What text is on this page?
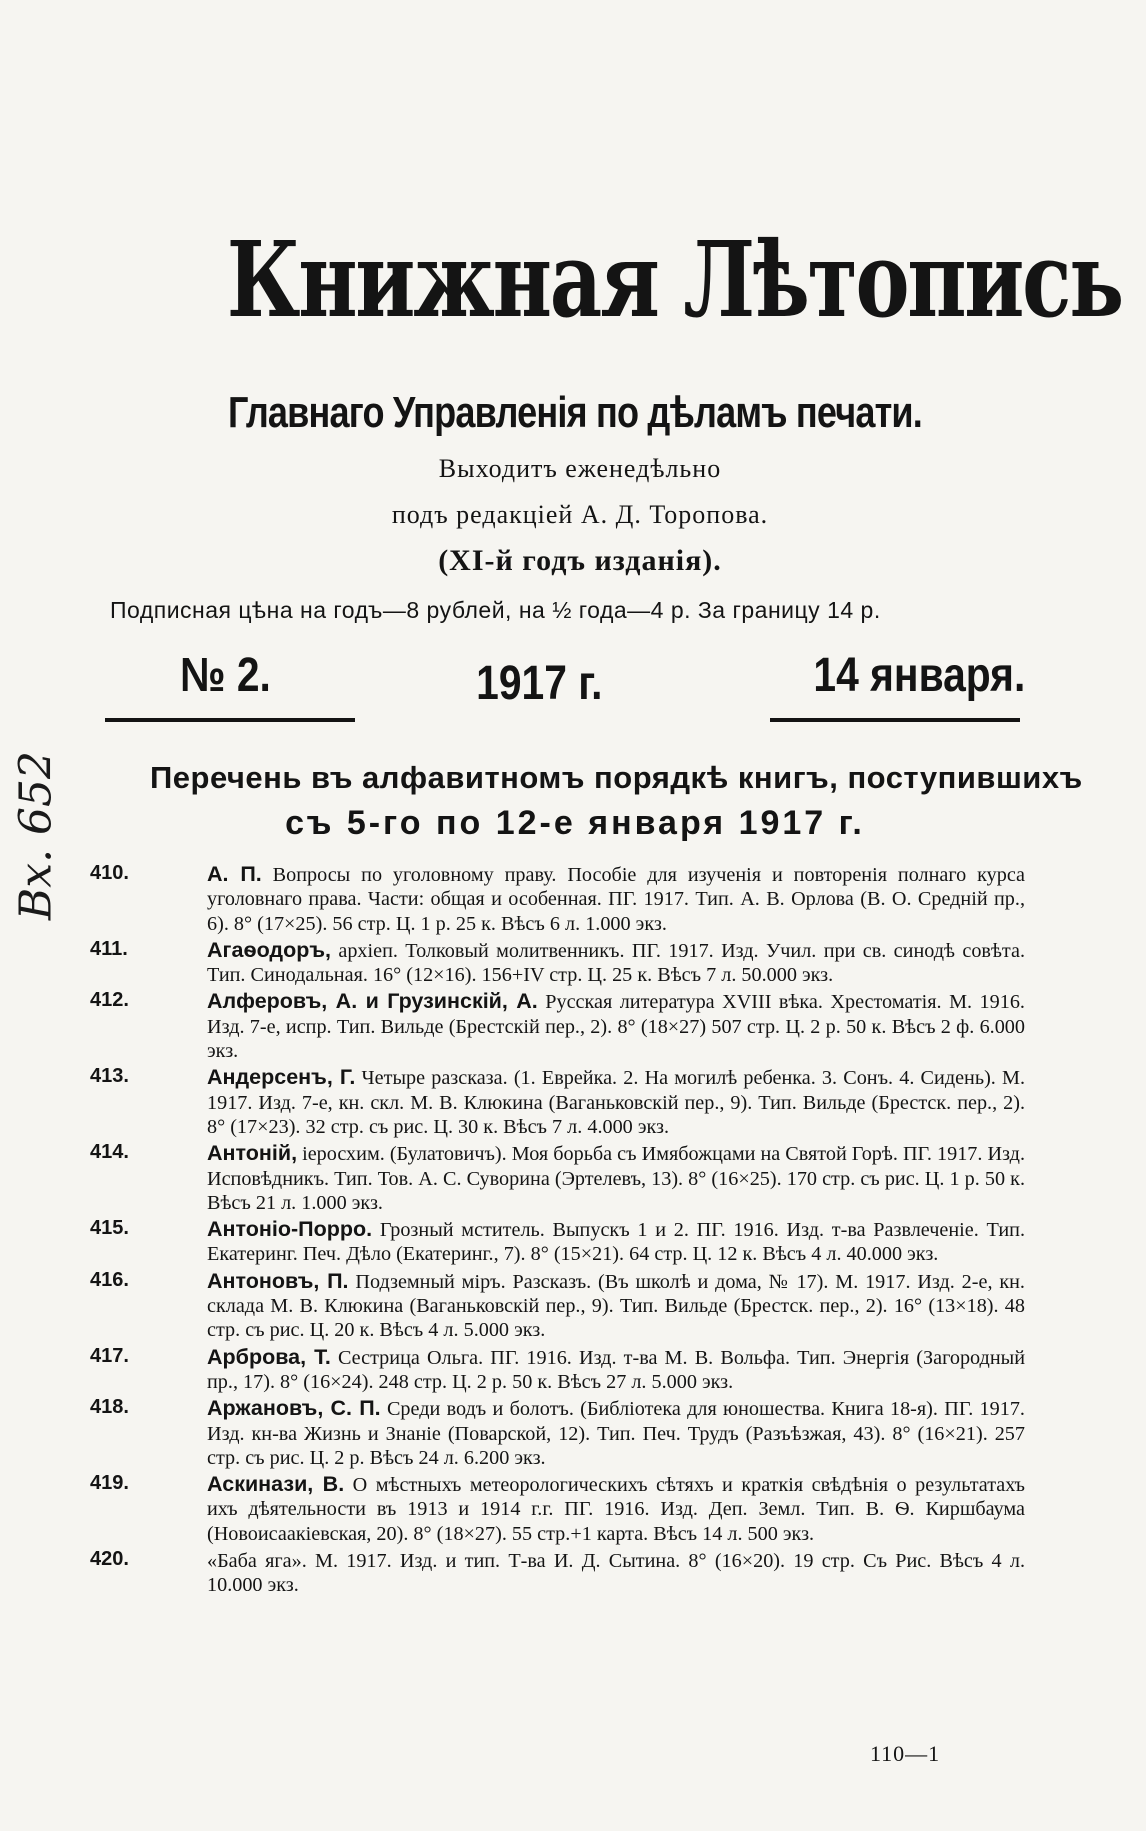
Вх. 652
Книжная Лѣтопись
Главнаго Управленія по дѣламъ печати.
Выходитъ еженедѣльно
подъ редакціей А. Д. Торопова.
(XI-й годъ изданія).
Подписная цѣна на годъ—8 рублей, на ½ года—4 р. За границу 14 р.
№ 2.	1917 г.	14 января.
Перечень въ алфавитномъ порядкѣ книгъ, поступившихъ
съ 5-го по 12-е января 1917 г.
410.	А. П. Вопросы по уголовному праву. Пособіе для изученія и повторенія полнаго курса уголовнаго права. Части: общая и особенная. ПГ. 1917. Тип. А. В. Орлова (В. О. Средній пр., 6). 8° (17×25). 56 стр. Ц. 1 р. 25 к. Вѣсъ 6 л. 1.000 экз.
411.	Агаѳодоръ, архіеп. Толковый молитвенникъ. ПГ. 1917. Изд. Учил. при св. синодѣ совѣта. Тип. Синодальная. 16° (12×16). 156+IV стр. Ц. 25 к. Вѣсъ 7 л. 50.000 экз.
412.	Алферовъ, А. и Грузинскій, А. Русская литература XVIII вѣка. Хрестоматія. М. 1916. Изд. 7-е, испр. Тип. Вильде (Брестскій пер., 2). 8° (18×27) 507 стр. Ц. 2 р. 50 к. Вѣсъ 2 ф. 6.000 экз.
413.	Андерсенъ, Г. Четыре разсказа. (1. Еврейка. 2. На могилѣ ребенка. 3. Сонъ. 4. Сидень). М. 1917. Изд. 7-е, кн. скл. М. В. Клюкина (Ваганьковскій пер., 9). Тип. Вильде (Брестск. пер., 2). 8° (17×23). 32 стр. съ рис. Ц. 30 к. Вѣсъ 7 л. 4.000 экз.
414.	Антоній, іеросхим. (Булатовичъ). Моя борьба съ Имябожцами на Святой Горѣ. ПГ. 1917. Изд. Исповѣдникъ. Тип. Тов. А. С. Суворина (Эртелевъ, 13). 8° (16×25). 170 стр. съ рис. Ц. 1 р. 50 к. Вѣсъ 21 л. 1.000 экз.
415.	Антоніо-Порро. Грозный мститель. Выпускъ 1 и 2. ПГ. 1916. Изд. т-ва Развлеченіе. Тип. Екатеринг. Печ. Дѣло (Екатеринг., 7). 8° (15×21). 64 стр. Ц. 12 к. Вѣсъ 4 л. 40.000 экз.
416.	Антоновъ, П. Подземный міръ. Разсказъ. (Въ школѣ и дома, № 17). М. 1917. Изд. 2-е, кн. склада М. В. Клюкина (Ваганьковскій пер., 9). Тип. Вильде (Брестск. пер., 2). 16° (13×18). 48 стр. съ рис. Ц. 20 к. Вѣсъ 4 л. 5.000 экз.
417.	Арброва, Т. Сестрица Ольга. ПГ. 1916. Изд. т-ва М. В. Вольфа. Тип. Энергія (Загородный пр., 17). 8° (16×24). 248 стр. Ц. 2 р. 50 к. Вѣсъ 27 л. 5.000 экз.
418.	Аржановъ, С. П. Среди водъ и болотъ. (Библіотека для юношества. Книга 18-я). ПГ. 1917. Изд. кн-ва Жизнь и Знаніе (Поварской, 12). Тип. Печ. Трудъ (Разъѣзжая, 43). 8° (16×21). 257 стр. съ рис. Ц. 2 р. Вѣсъ 24 л. 6.200 экз.
419.	Аскинази, В. О мѣстныхъ метеорологическихъ сѣтяхъ и краткія свѣдѣнія о результатахъ ихъ дѣятельности въ 1913 и 1914 г.г. ПГ. 1916. Изд. Деп. Земл. Тип. В. Ѳ. Киршбаума (Новоисаакіевская, 20). 8° (18×27). 55 стр.+1 карта. Вѣсъ 14 л. 500 экз.
420.	«Баба яга». М. 1917. Изд. и тип. Т-ва И. Д. Сытина. 8° (16×20). 19 стр. Съ Рис. Вѣсъ 4 л. 10.000 экз.
110—1
